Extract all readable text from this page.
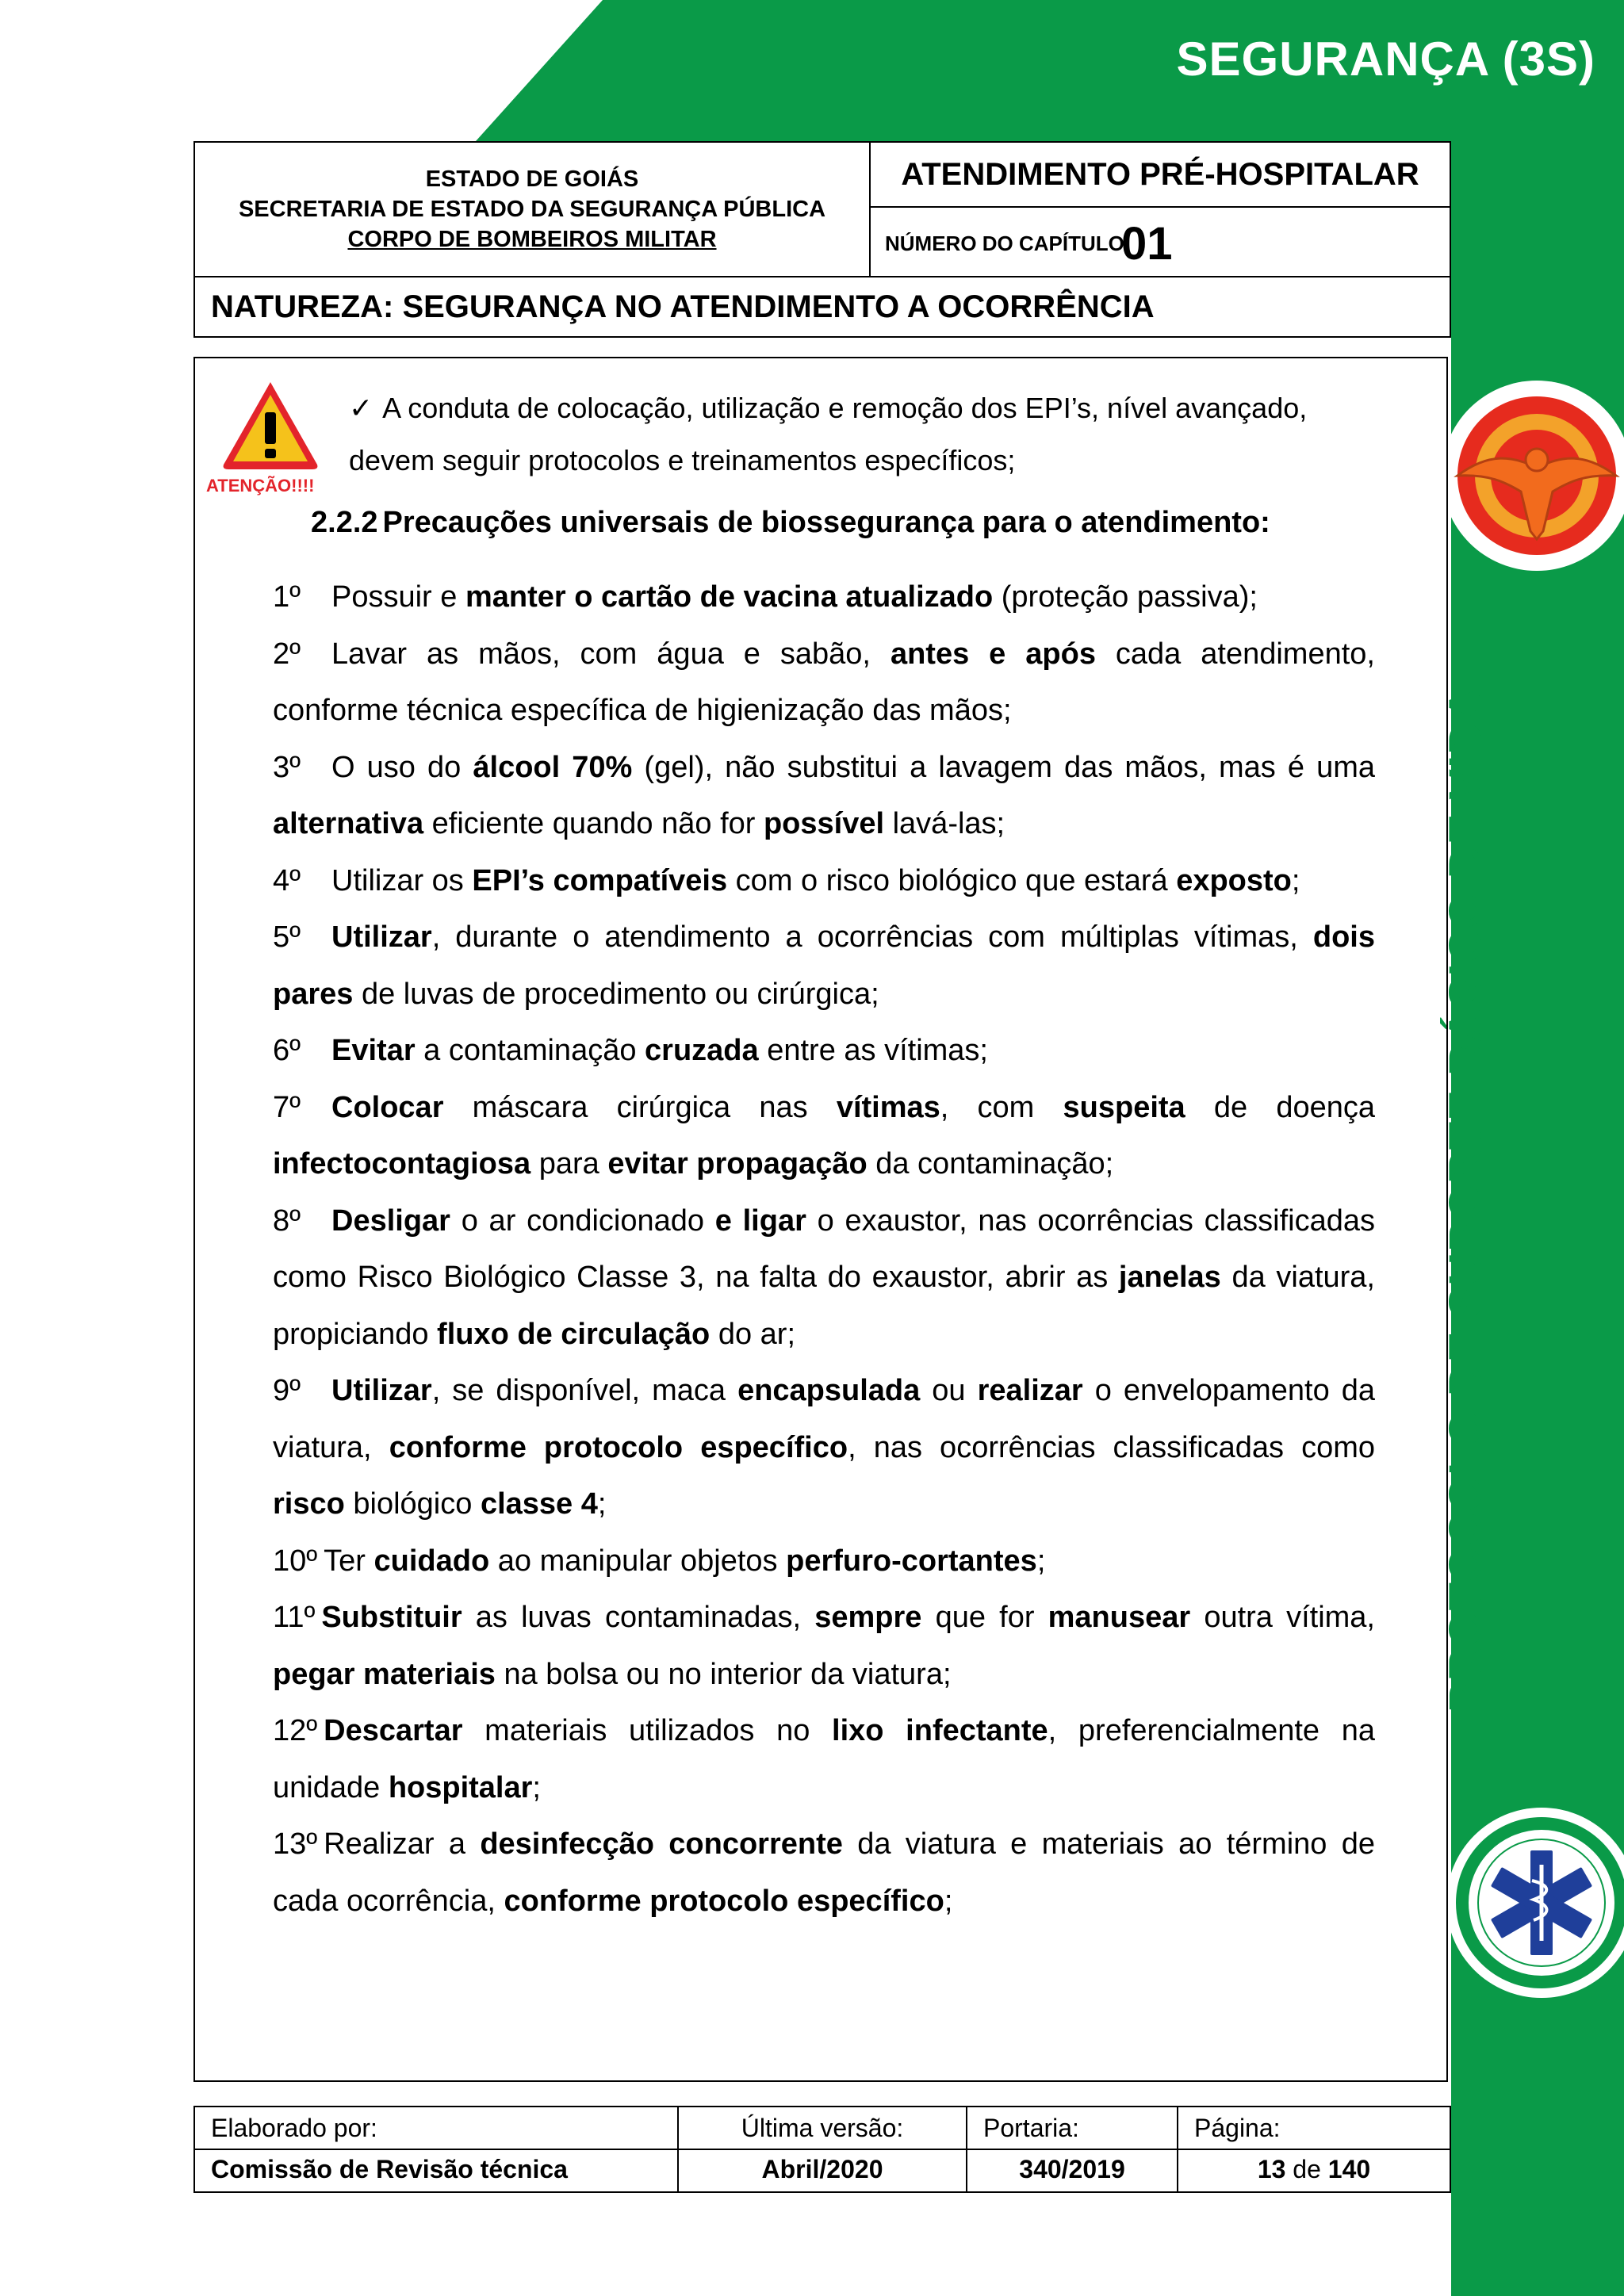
SEGURANÇA (3S)
PROTOCOLO DE SUPORTE BÁSICO DE VIDA
ESTADO DE GOIÁS
SECRETARIA DE ESTADO DA SEGURANÇA PÚBLICA
CORPO DE BOMBEIROS MILITAR
	ATENDIMENTO PRÉ-HOSPITALAR

NÚMERO DO CAPÍTULO:
01

NATUREZA: SEGURANÇA NO ATENDIMENTO A OCORRÊNCIA
ATENÇÃO!!!!
✓ A conduta de colocação, utilização e remoção dos EPI’s, nível avançado, devem seguir protocolos e treinamentos específicos;
2.2.2 Precauções universais de biossegurança para o atendimento:
1º Possuir e manter o cartão de vacina atualizado (proteção passiva);
2º Lavar as mãos, com água e sabão, antes e após cada atendimento, conforme técnica específica de higienização das mãos;
3º O uso do álcool 70% (gel), não substitui a lavagem das mãos, mas é uma alternativa eficiente quando não for possível lavá-las;
4º Utilizar os EPI’s compatíveis com o risco biológico que estará exposto;
5º Utilizar, durante o atendimento a ocorrências com múltiplas vítimas, dois pares de luvas de procedimento ou cirúrgica;
6º Evitar a contaminação cruzada entre as vítimas;
7º Colocar máscara cirúrgica nas vítimas, com suspeita de doença infectocontagiosa para evitar propagação da contaminação;
8º Desligar o ar condicionado e ligar o exaustor, nas ocorrências classificadas como Risco Biológico Classe 3, na falta do exaustor, abrir as janelas da viatura, propiciando fluxo de circulação do ar;
9º Utilizar, se disponível, maca encapsulada ou realizar o envelopamento da viatura, conforme protocolo específico, nas ocorrências classificadas como risco biológico classe 4;
10º Ter cuidado ao manipular objetos perfuro-cortantes;
11º Substituir as luvas contaminadas, sempre que for manusear outra vítima, pegar materiais na bolsa ou no interior da viatura;
12º Descartar materiais utilizados no lixo infectante, preferencialmente na unidade hospitalar;
13º Realizar a desinfecção concorrente da viatura e materiais ao término de cada ocorrência, conforme protocolo específico;
Elaborado por:	Última versão:	Portaria:	Página:
Comissão de Revisão técnica	Abril/2020	340/2019	13 de 140
